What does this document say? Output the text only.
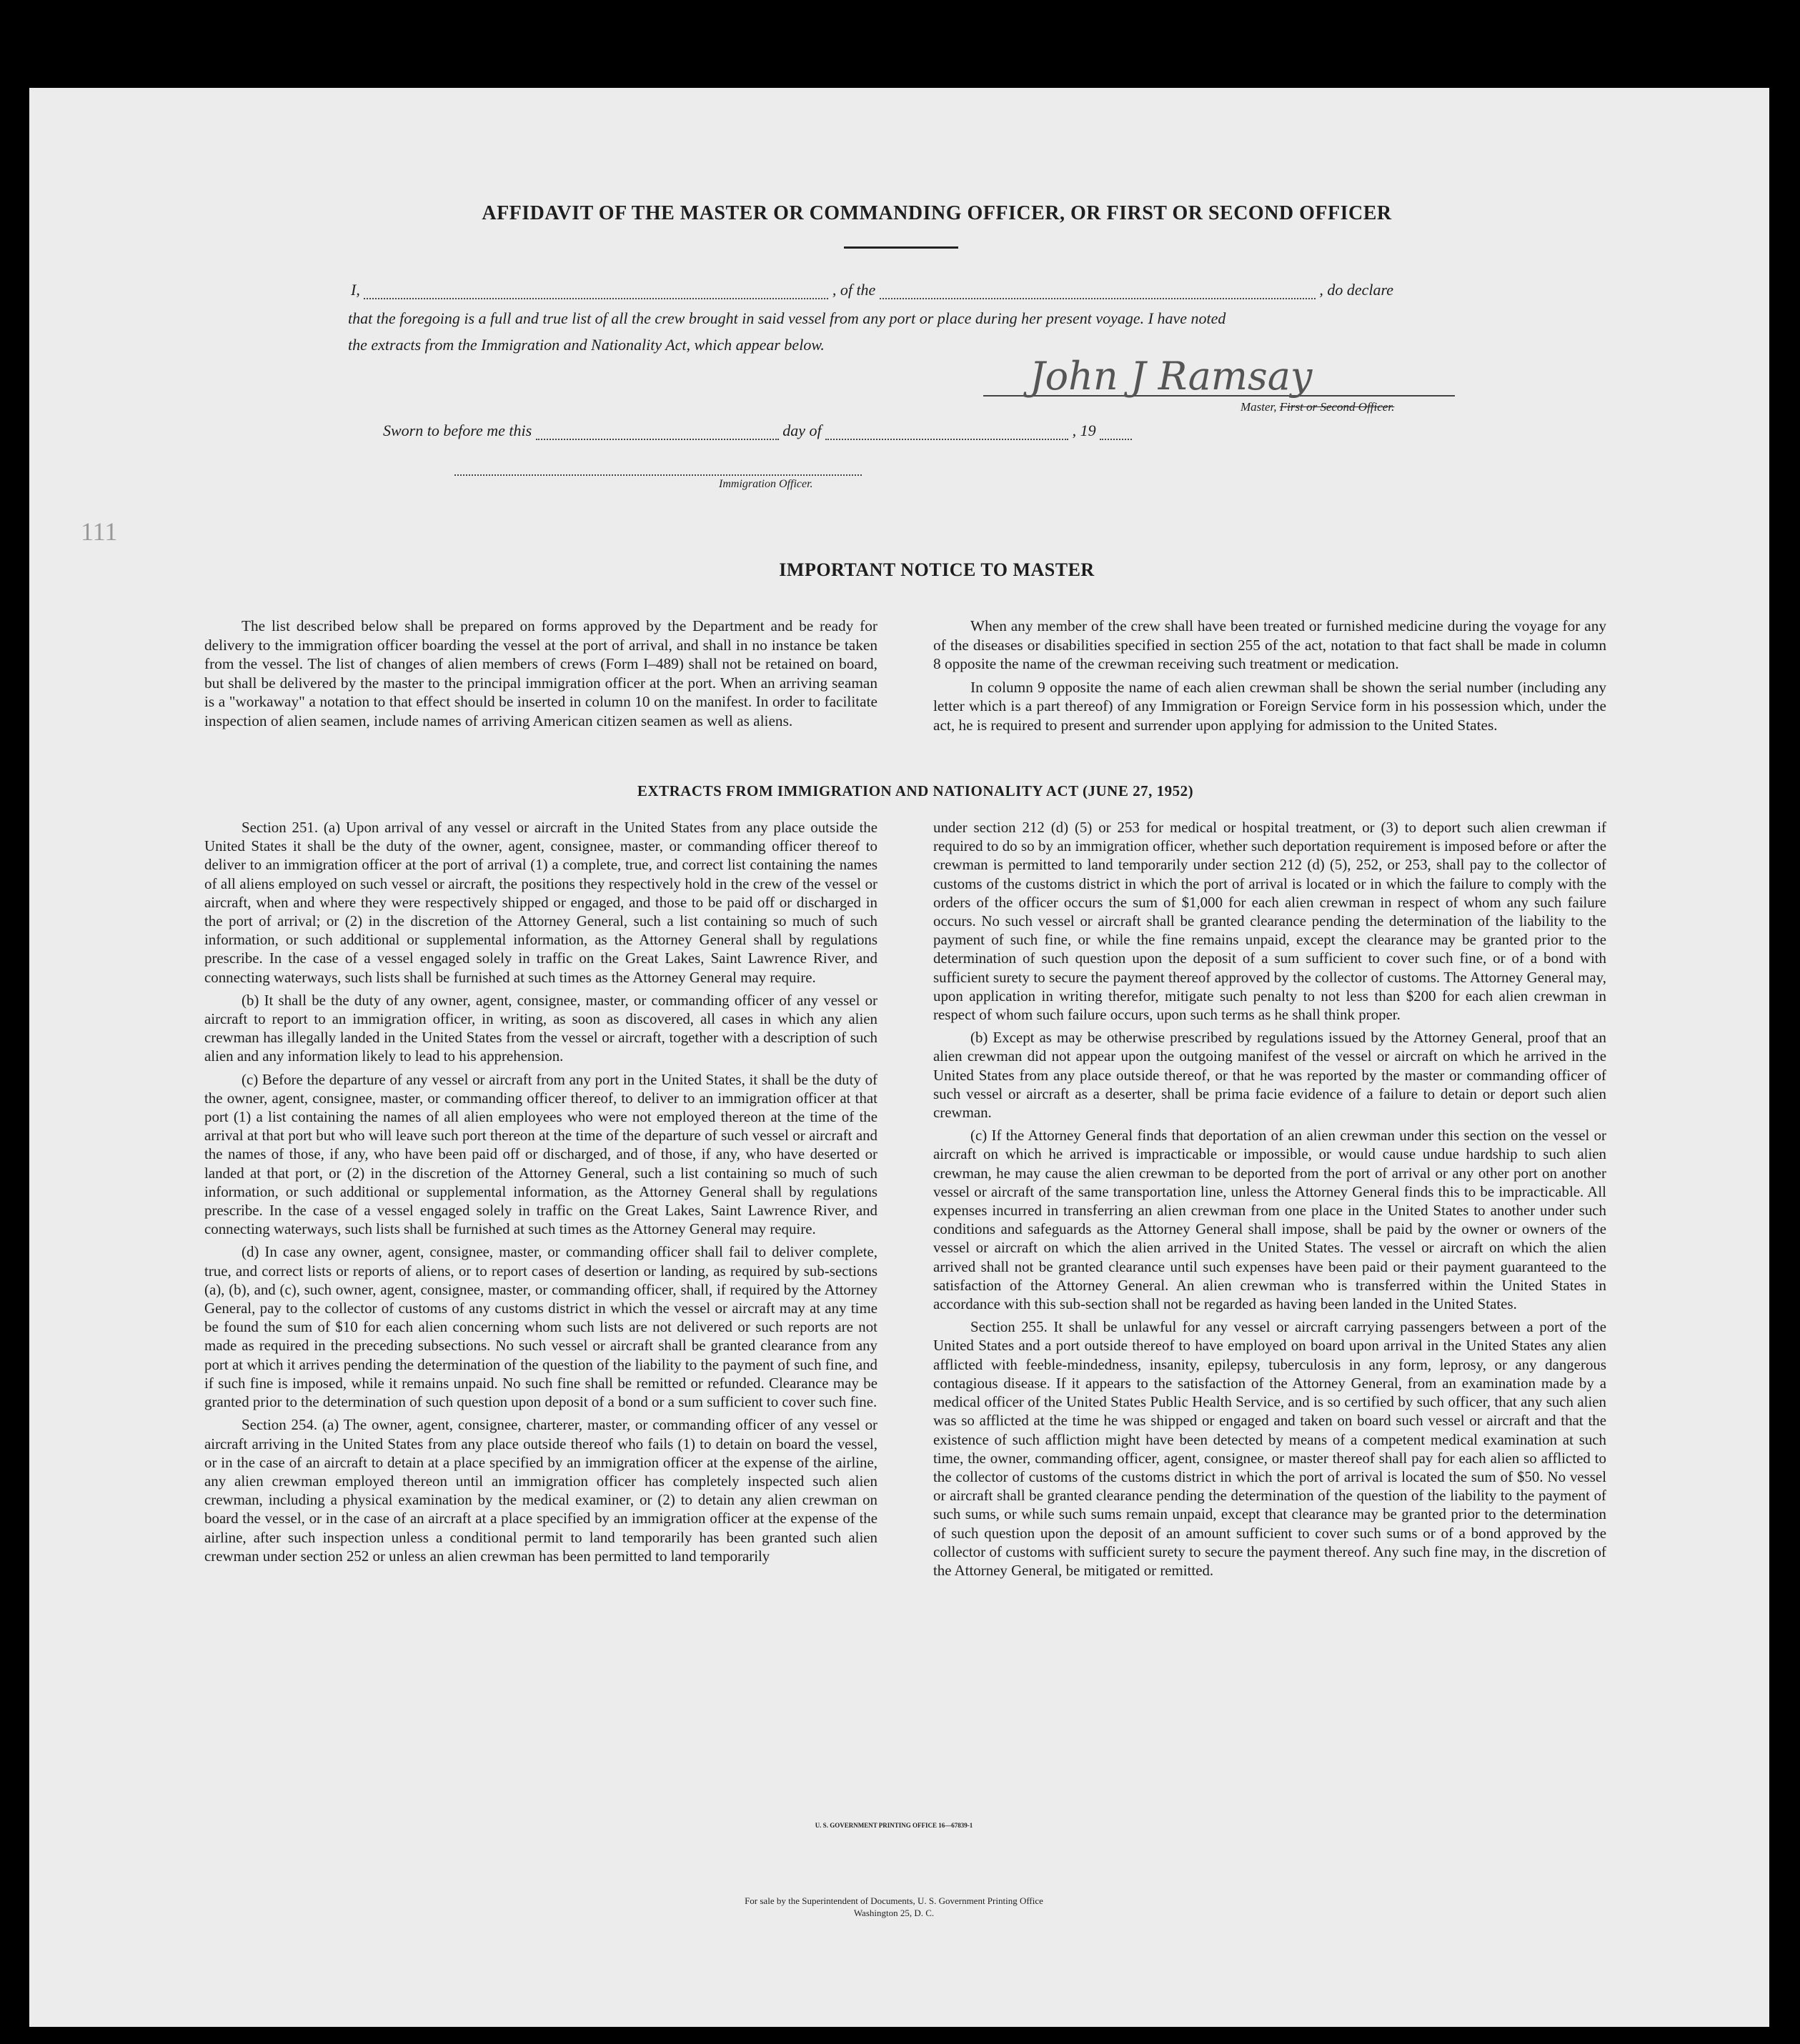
AFFIDAVIT OF THE MASTER OR COMMANDING OFFICER, OR FIRST OR SECOND OFFICER
I,	, of the	, do declare
that the foregoing is a full and true list of all the crew brought in said vessel from any port or place during her present voyage. I have noted
the extracts from the Immigration and Nationality Act, which appear below.
John J Ramsay
Master, First or Second Officer.
Sworn to before me this	day of	, 19
Immigration Officer.
111
IMPORTANT NOTICE TO MASTER

The list described below shall be prepared on forms approved by the Department and be ready for delivery to the immigration officer boarding the vessel at the port of arrival, and shall in no instance be taken from the vessel. The list of changes of alien members of crews (Form I–489) shall not be retained on board, but shall be delivered by the master to the principal immigration officer at the port. When an arriving seaman is a "workaway" a notation to that effect should be inserted in column 10 on the manifest. In order to facilitate inspection of alien seamen, include names of arriving American citizen seamen as well as aliens.

When any member of the crew shall have been treated or furnished medicine during the voyage for any of the diseases or disabilities specified in section 255 of the act, notation to that fact shall be made in column 8 opposite the name of the crewman receiving such treatment or medication.

In column 9 opposite the name of each alien crewman shall be shown the serial number (including any letter which is a part thereof) of any Immigration or Foreign Service form in his possession which, under the act, he is required to present and surrender upon applying for admission to the United States.

EXTRACTS FROM IMMIGRATION AND NATIONALITY ACT (JUNE 27, 1952)

Section 251. (a) Upon arrival of any vessel or aircraft in the United States from any place outside the United States it shall be the duty of the owner, agent, consignee, master, or commanding officer thereof to deliver to an immigration officer at the port of arrival (1) a complete, true, and correct list containing the names of all aliens employed on such vessel or aircraft, the positions they respectively hold in the crew of the vessel or aircraft, when and where they were respectively shipped or engaged, and those to be paid off or discharged in the port of arrival; or (2) in the discretion of the Attorney General, such a list containing so much of such information, or such additional or supplemental information, as the Attorney General shall by regulations prescribe. In the case of a vessel engaged solely in traffic on the Great Lakes, Saint Lawrence River, and connecting waterways, such lists shall be furnished at such times as the Attorney General may require.

(b) It shall be the duty of any owner, agent, consignee, master, or commanding officer of any vessel or aircraft to report to an immigration officer, in writing, as soon as discovered, all cases in which any alien crewman has illegally landed in the United States from the vessel or aircraft, together with a description of such alien and any information likely to lead to his apprehension.

(c) Before the departure of any vessel or aircraft from any port in the United States, it shall be the duty of the owner, agent, consignee, master, or commanding officer thereof, to deliver to an immigration officer at that port (1) a list containing the names of all alien employees who were not employed thereon at the time of the arrival at that port but who will leave such port thereon at the time of the departure of such vessel or aircraft and the names of those, if any, who have been paid off or discharged, and of those, if any, who have deserted or landed at that port, or (2) in the discretion of the Attorney General, such a list containing so much of such information, or such additional or supplemental information, as the Attorney General shall by regulations prescribe. In the case of a vessel engaged solely in traffic on the Great Lakes, Saint Lawrence River, and connecting waterways, such lists shall be furnished at such times as the Attorney General may require.

(d) In case any owner, agent, consignee, master, or commanding officer shall fail to deliver complete, true, and correct lists or reports of aliens, or to report cases of desertion or landing, as required by sub-sections (a), (b), and (c), such owner, agent, consignee, master, or commanding officer, shall, if required by the Attorney General, pay to the collector of customs of any customs district in which the vessel or aircraft may at any time be found the sum of $10 for each alien concerning whom such lists are not delivered or such reports are not made as required in the preceding subsections. No such vessel or aircraft shall be granted clearance from any port at which it arrives pending the determination of the question of the liability to the payment of such fine, and if such fine is imposed, while it remains unpaid. No such fine shall be remitted or refunded. Clearance may be granted prior to the determination of such question upon deposit of a bond or a sum sufficient to cover such fine.

Section 254. (a) The owner, agent, consignee, charterer, master, or commanding officer of any vessel or aircraft arriving in the United States from any place outside thereof who fails (1) to detain on board the vessel, or in the case of an aircraft to detain at a place specified by an immigration officer at the expense of the airline, any alien crewman employed thereon until an immigration officer has completely inspected such alien crewman, including a physical examination by the medical examiner, or (2) to detain any alien crewman on board the vessel, or in the case of an aircraft at a place specified by an immigration officer at the expense of the airline, after such inspection unless a conditional permit to land temporarily has been granted such alien crewman under section 252 or unless an alien crewman has been permitted to land temporarily

under section 212 (d) (5) or 253 for medical or hospital treatment, or (3) to deport such alien crewman if required to do so by an immigration officer, whether such deportation requirement is imposed before or after the crewman is permitted to land temporarily under section 212 (d) (5), 252, or 253, shall pay to the collector of customs of the customs district in which the port of arrival is located or in which the failure to comply with the orders of the officer occurs the sum of $1,000 for each alien crewman in respect of whom any such failure occurs. No such vessel or aircraft shall be granted clearance pending the determination of the liability to the payment of such fine, or while the fine remains unpaid, except the clearance may be granted prior to the determination of such question upon the deposit of a sum sufficient to cover such fine, or of a bond with sufficient surety to secure the payment thereof approved by the collector of customs. The Attorney General may, upon application in writing therefor, mitigate such penalty to not less than $200 for each alien crewman in respect of whom such failure occurs, upon such terms as he shall think proper.

(b) Except as may be otherwise prescribed by regulations issued by the Attorney General, proof that an alien crewman did not appear upon the outgoing manifest of the vessel or aircraft on which he arrived in the United States from any place outside thereof, or that he was reported by the master or commanding officer of such vessel or aircraft as a deserter, shall be prima facie evidence of a failure to detain or deport such alien crewman.

(c) If the Attorney General finds that deportation of an alien crewman under this section on the vessel or aircraft on which he arrived is impracticable or impossible, or would cause undue hardship to such alien crewman, he may cause the alien crewman to be deported from the port of arrival or any other port on another vessel or aircraft of the same transportation line, unless the Attorney General finds this to be impracticable. All expenses incurred in transferring an alien crewman from one place in the United States to another under such conditions and safeguards as the Attorney General shall impose, shall be paid by the owner or owners of the vessel or aircraft on which the alien arrived in the United States. The vessel or aircraft on which the alien arrived shall not be granted clearance until such expenses have been paid or their payment guaranteed to the satisfaction of the Attorney General. An alien crewman who is transferred within the United States in accordance with this sub-section shall not be regarded as having been landed in the United States.

Section 255. It shall be unlawful for any vessel or aircraft carrying passengers between a port of the United States and a port outside thereof to have employed on board upon arrival in the United States any alien afflicted with feeble-mindedness, insanity, epilepsy, tuberculosis in any form, leprosy, or any dangerous contagious disease. If it appears to the satisfaction of the Attorney General, from an examination made by a medical officer of the United States Public Health Service, and is so certified by such officer, that any such alien was so afflicted at the time he was shipped or engaged and taken on board such vessel or aircraft and that the existence of such affliction might have been detected by means of a competent medical examination at such time, the owner, commanding officer, agent, consignee, or master thereof shall pay for each alien so afflicted to the collector of customs of the customs district in which the port of arrival is located the sum of $50. No vessel or aircraft shall be granted clearance pending the determination of the question of the liability to the payment of such sums, or while such sums remain unpaid, except that clearance may be granted prior to the determination of such question upon the deposit of an amount sufficient to cover such sums or of a bond approved by the collector of customs with sufficient surety to secure the payment thereof. Any such fine may, in the discretion of the Attorney General, be mitigated or remitted.

U. S. GOVERNMENT PRINTING OFFICE 16—67839-1
For sale by the Superintendent of Documents, U. S. Government Printing Office
Washington 25, D. C.
